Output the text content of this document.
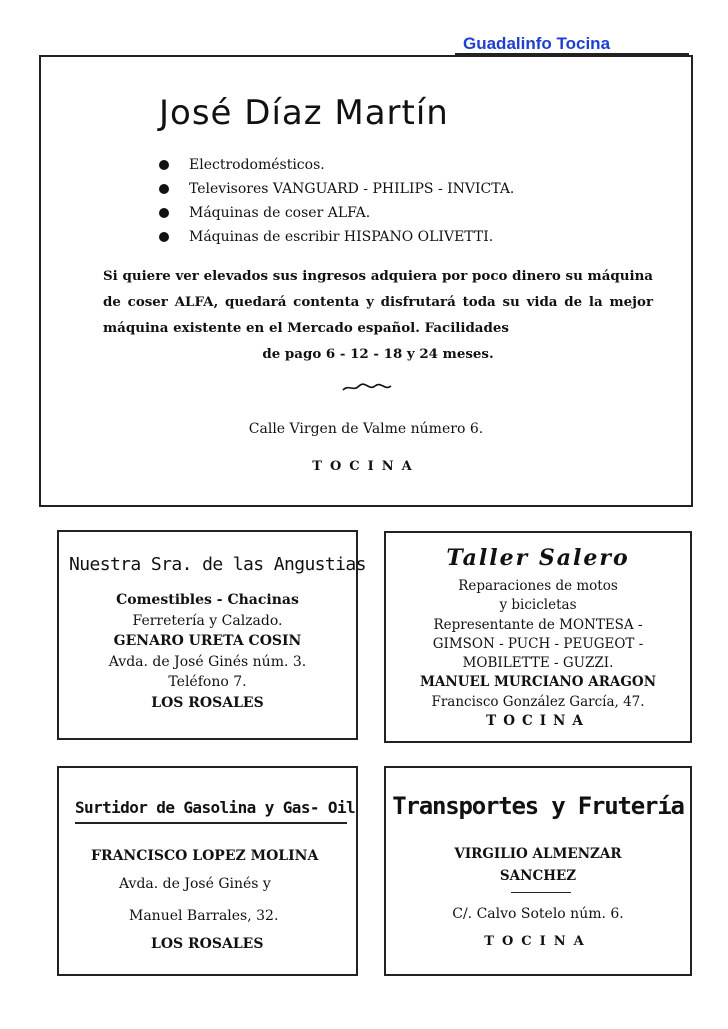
Guadalinfo Tocina
José Díaz Martín
Electrodomésticos.
Televisores VANGUARD - PHILIPS - INVICTA.
Máquinas de coser ALFA.
Máquinas de escribir HISPANO OLIVETTI.
Si quiere ver elevados sus ingresos adquiera por poco dinero su máquina de coser ALFA, quedará contenta y disfrutará toda su vida de la mejor máquina existente en el Mercado español. Facilidades
de pago 6 - 12 - 18 y 24 meses.
Calle Virgen de Valme número 6.
TOCINA
Nuestra Sra. de las Angustias
Comestibles - Chacinas
Ferretería y Calzado.
GENARO URETA COSIN
Avda. de José Ginés núm. 3.
Teléfono 7.
LOS ROSALES
Taller Salero
Reparaciones de motos
y bicicletas
Representante de MONTESA -
GIMSON - PUCH - PEUGEOT -
MOBILETTE - GUZZI.
MANUEL MURCIANO ARAGON
Francisco González García, 47.
TOCINA
Surtidor de Gasolina y Gas- Oil
FRANCISCO LOPEZ MOLINA
Avda. de José Ginés y
Manuel Barrales, 32.
LOS ROSALES
Transportes y Frutería
VIRGILIO ALMENZAR
SANCHEZ
C/. Calvo Sotelo núm. 6.
TOCINA
